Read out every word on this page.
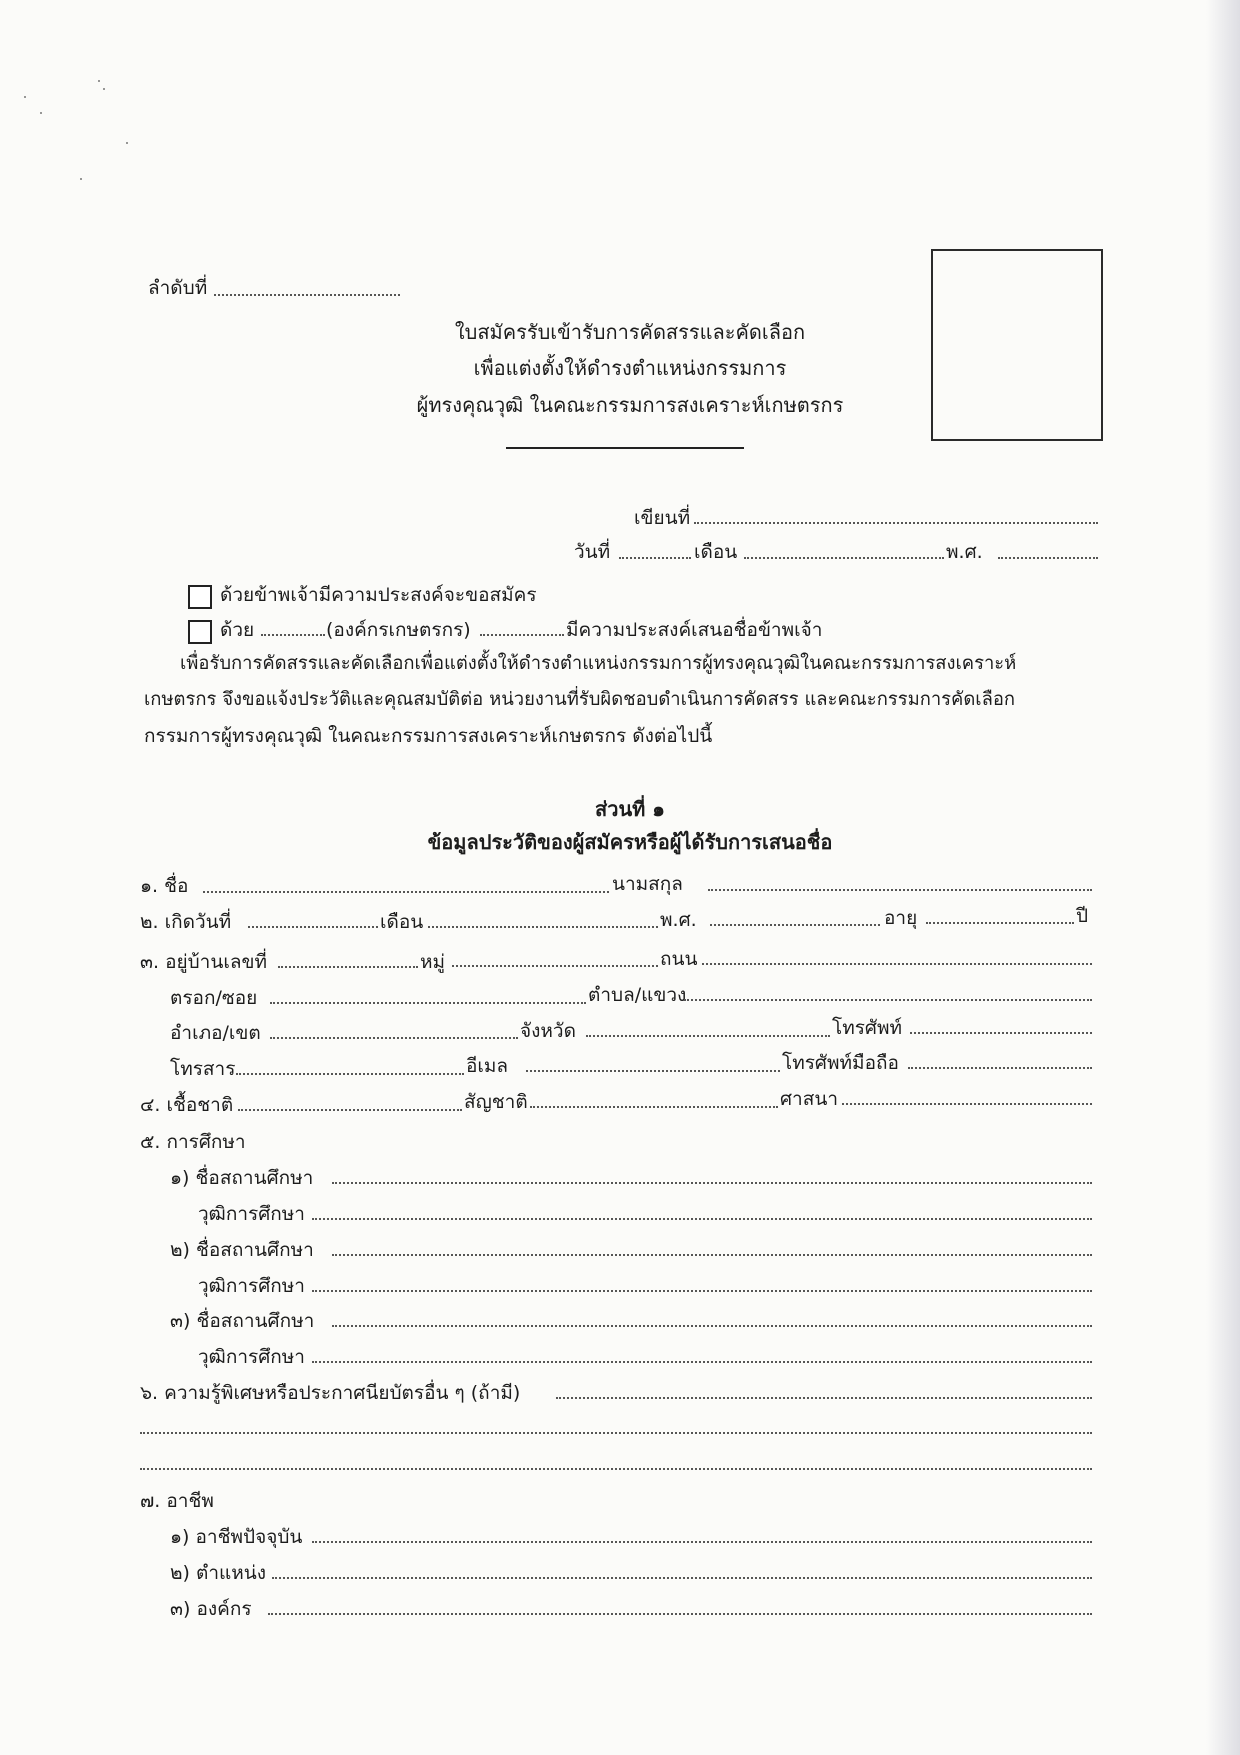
ลำดับที่
ใบสมัครรับเข้ารับการคัดสรรและคัดเลือก
เพื่อแต่งตั้งให้ดำรงตำแหน่งกรรมการ
ผู้ทรงคุณวุฒิ ในคณะกรรมการสงเคราะห์เกษตรกร
เขียนที่
วันที่	เดือน	พ.ศ.
ด้วยข้าพเจ้ามีความประสงค์จะขอสมัคร
ด้วย	(องค์กรเกษตรกร)	มีความประสงค์เสนอชื่อข้าพเจ้า
เพื่อรับการคัดสรรและคัดเลือกเพื่อแต่งตั้งให้ดำรงตำแหน่งกรรมการผู้ทรงคุณวุฒิในคณะกรรมการสงเคราะห์
เกษตรกร จึงขอแจ้งประวัติและคุณสมบัติต่อ หน่วยงานที่รับผิดชอบดำเนินการคัดสรร และคณะกรรมการคัดเลือก
กรรมการผู้ทรงคุณวุฒิ ในคณะกรรมการสงเคราะห์เกษตรกร ดังต่อไปนี้
ส่วนที่ ๑
ข้อมูลประวัติของผู้สมัครหรือผู้ได้รับการเสนอชื่อ
๑. ชื่อ	นามสกุล
๒. เกิดวันที่	เดือน	พ.ศ.	อายุ	ปี
๓. อยู่บ้านเลขที่	หมู่	ถนน
ตรอก/ซอย	ตำบล/แขวง
อำเภอ/เขต	จังหวัด	โทรศัพท์
โทรสาร	อีเมล	โทรศัพท์มือถือ
๔. เชื้อชาติ	สัญชาติ	ศาสนา
๕. การศึกษา
๑) ชื่อสถานศึกษา
วุฒิการศึกษา
๒) ชื่อสถานศึกษา
วุฒิการศึกษา
๓) ชื่อสถานศึกษา
วุฒิการศึกษา
๖. ความรู้พิเศษหรือประกาศนียบัตรอื่น ๆ (ถ้ามี)
๗. อาชีพ
๑) อาชีพปัจจุบัน
๒) ตำแหน่ง
๓) องค์กร
